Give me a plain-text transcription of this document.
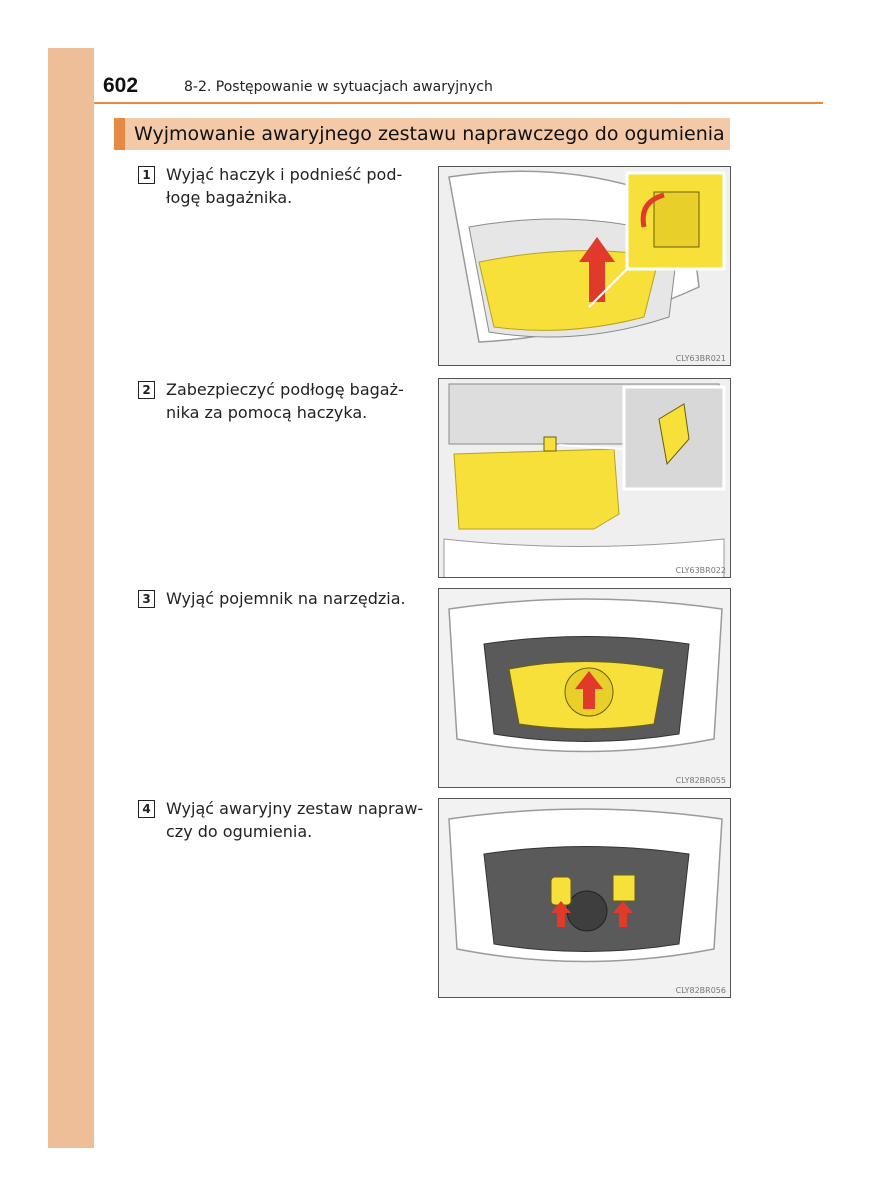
602	8-2. Postępowanie w sytuacjach awaryjnych
Wyjmowanie awaryjnego zestawu naprawczego do ogumienia
1 Wyjąć haczyk i podnieść pod-łogę bagażnika.
CLY63BR021
2 Zabezpieczyć podłogę bagaż-nika za pomocą haczyka.
CLY63BR022
3 Wyjąć pojemnik na narzędzia.
CLY82BR055
4 Wyjąć awaryjny zestaw napraw-czy do ogumienia.
CLY82BR056
